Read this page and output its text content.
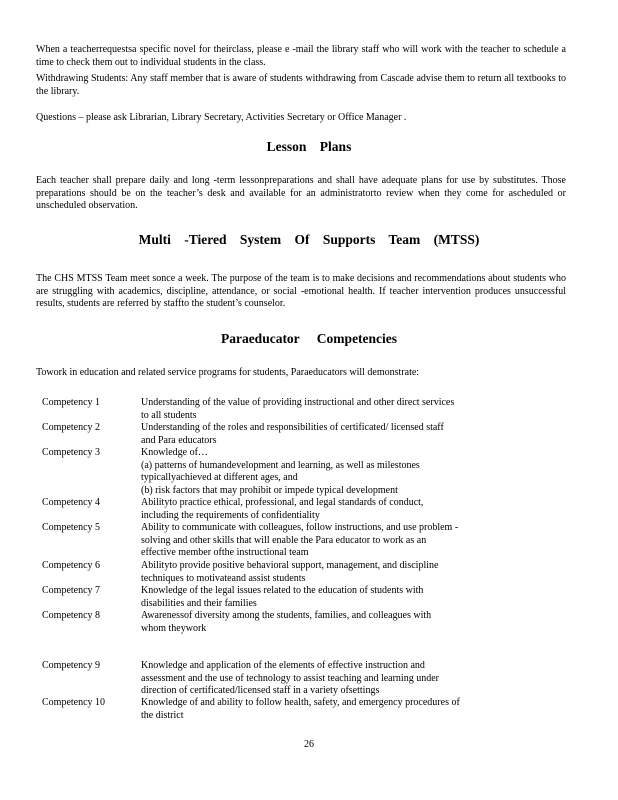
When a teacherrequestsa specific novel for theirclass, please e -mail the library staff who will work with the teacher to schedule a time to check them out to individual students in the class.

Withdrawing Students: Any staff member that is aware of students withdrawing from Cascade advise them to return all textbooks to the library.

Questions – please ask Librarian, Library Secretary, Activities Secretary or Office Manager .

Lesson Plans

Each teacher shall prepare daily and long -term lessonpreparations and shall have adequate plans for use by substitutes. Those preparations should be on the teacher’s desk and available for an administratorto review when they come for ascheduled or unscheduled observation.

Multi -Tiered System Of Supports Team (MTSS)

The CHS MTSS Team meet sonce a week. The purpose of the team is to make decisions and recommendations about students who are struggling with academics, discipline, attendance, or social -emotional health. If teacher intervention produces unsuccessful results, students are referred by staffto the student’s counselor.

Paraeducator Competencies

Towork in education and related service programs for students, Paraeducators will demonstrate:

Competency 1	Understanding of the value of providing instructional and other direct services
to all students
Competency 2	Understanding of the roles and responsibilities of certificated/ licensed staff
and Para educators
Competency 3	Knowledge of…
(a) patterns of humandevelopment and learning, as well as milestones
typicallyachieved at different ages, and
(b) risk factors that may prohibit or impede typical development
Competency 4	Abilityto practice ethical, professional, and legal standards of conduct,
including the requirements of confidentiality
Competency 5	Ability to communicate with colleagues, follow instructions, and use problem -
solving and other skills that will enable the Para educator to work as an
effective member ofthe instructional team
Competency 6	Abilityto provide positive behavioral support, management, and discipline
techniques to motivateand assist students
Competency 7	Knowledge of the legal issues related to the education of students with
disabilities and their families
Competency 8	Awarenessof diversity among the students, families, and colleagues with
whom theywork
Competency 9	Knowledge and application of the elements of effective instruction and
assessment and the use of technology to assist teaching and learning under
direction of certificated/licensed staff in a variety ofsettings
Competency 10	Knowledge of and ability to follow health, safety, and emergency procedures of
the district
26
